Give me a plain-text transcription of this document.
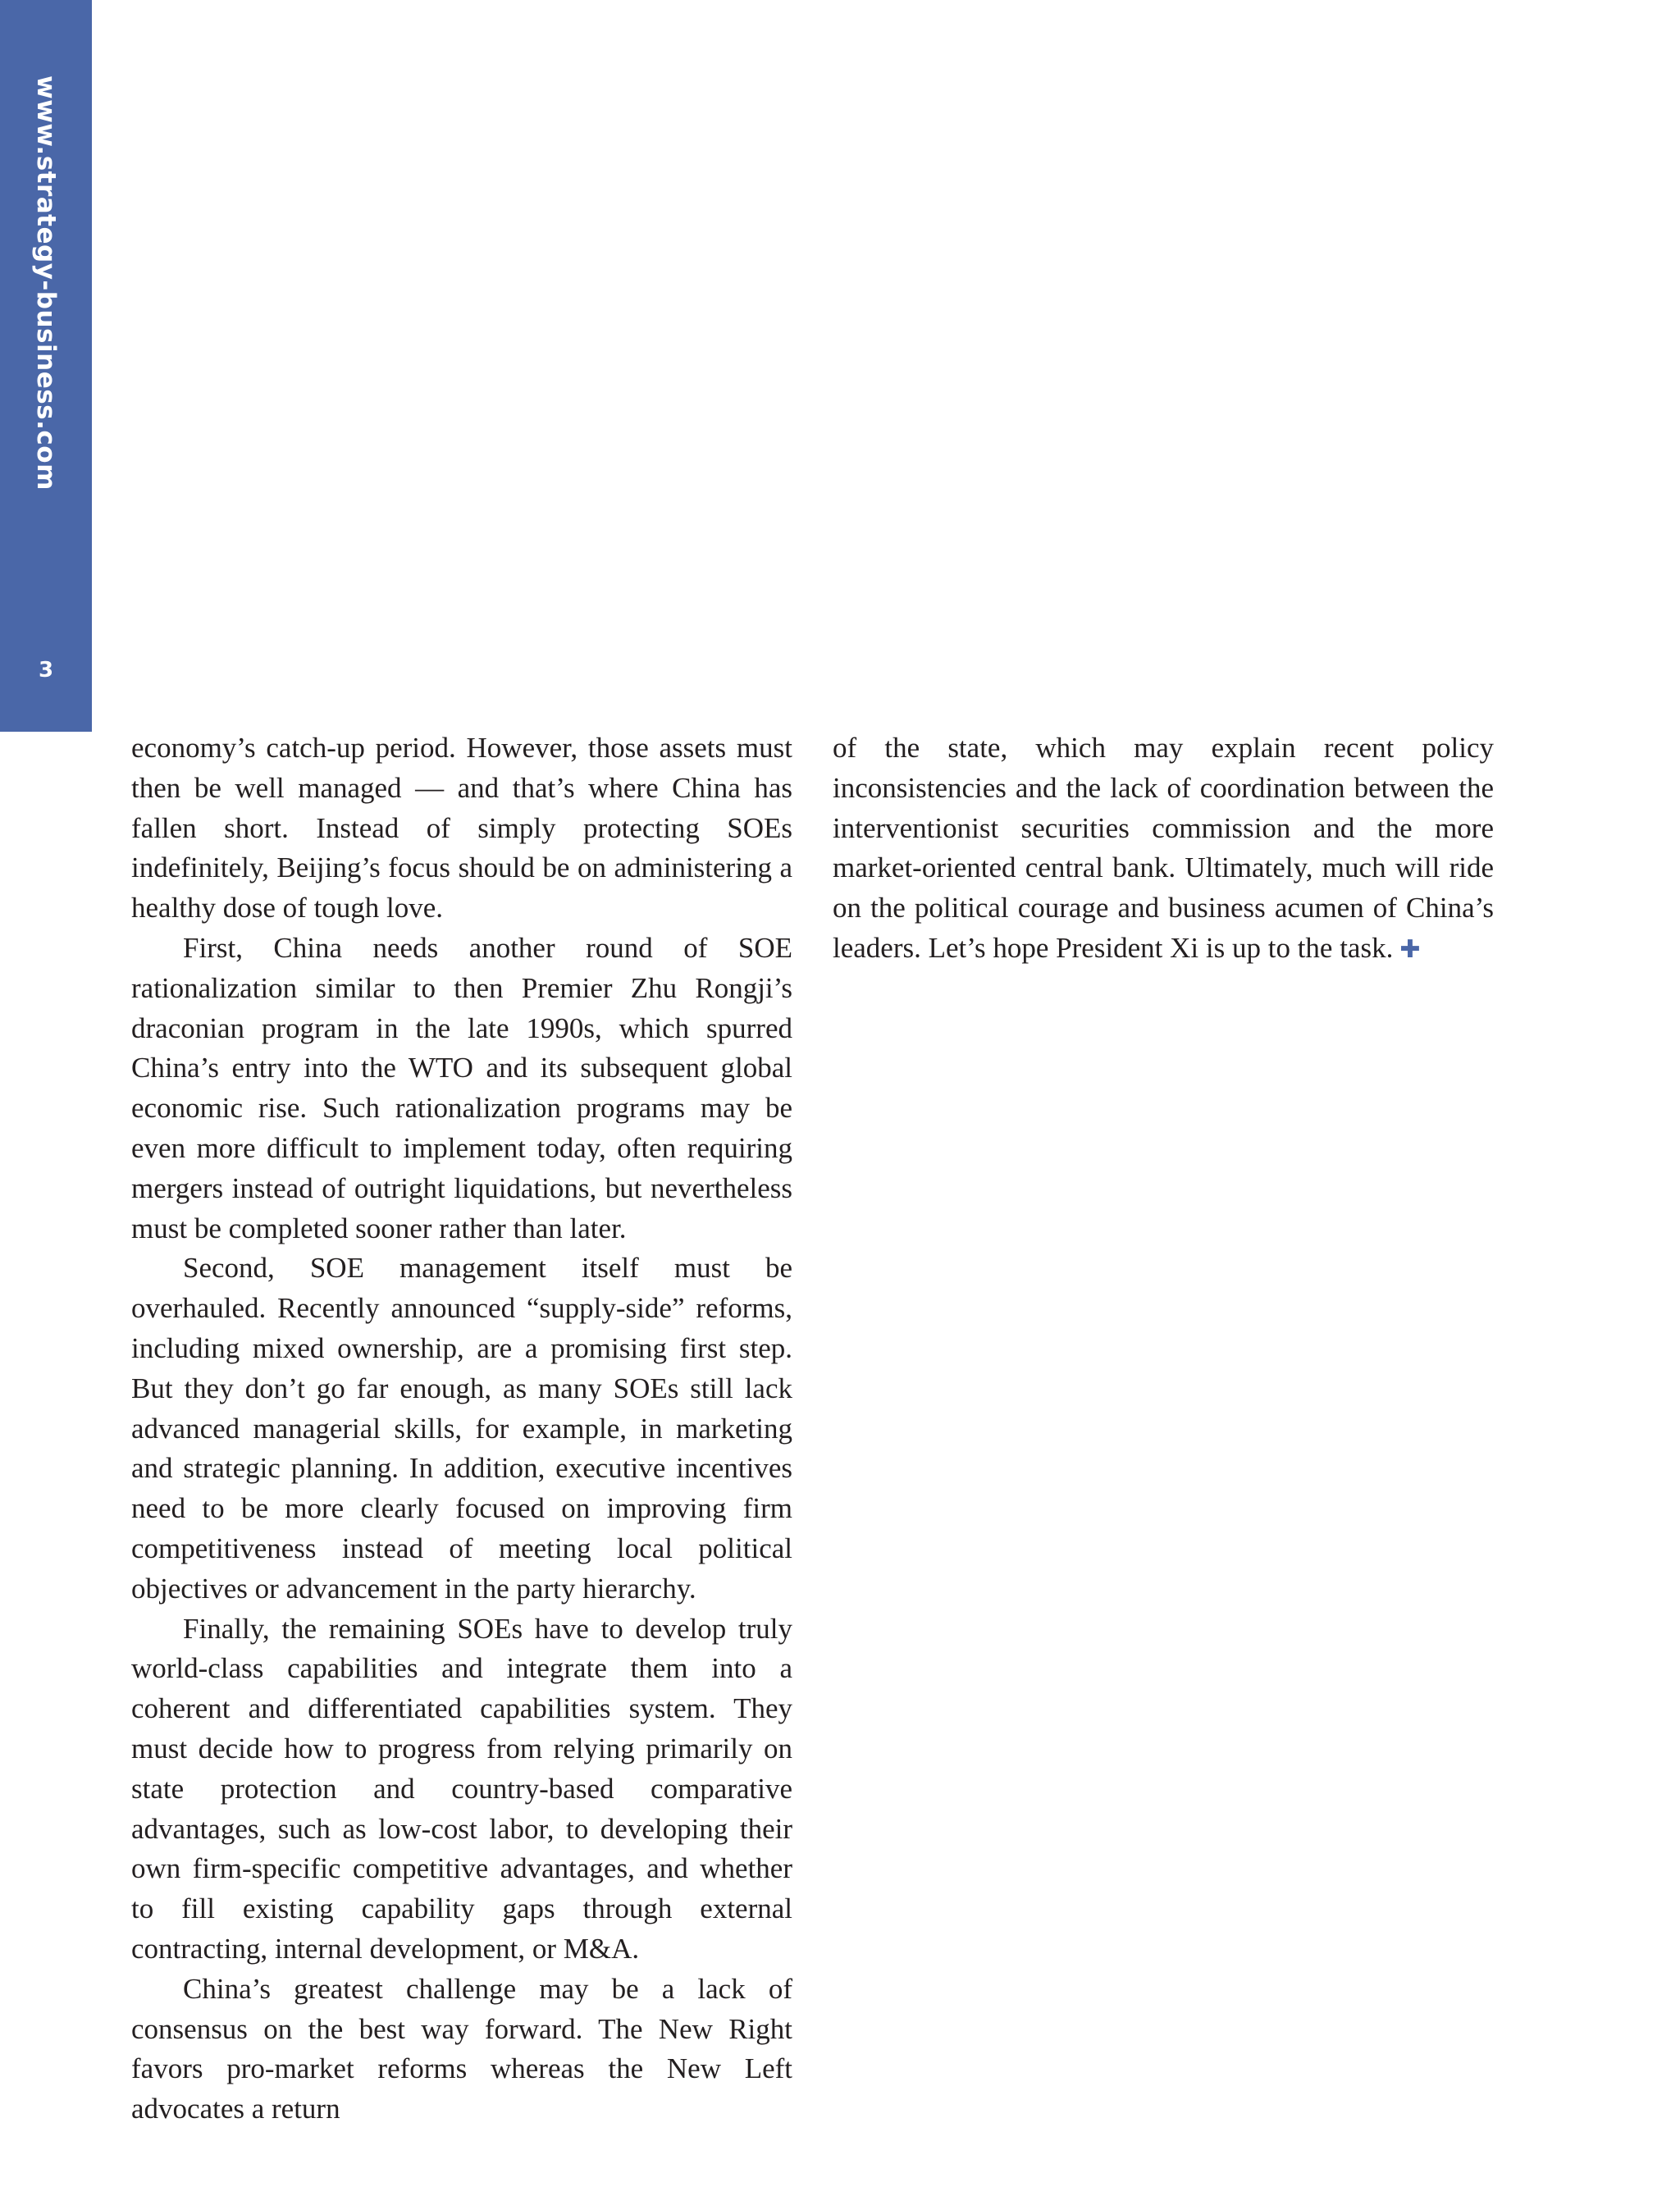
www.strategy-business.com
3

economy’s catch-up period. However, those assets must then be well managed — and that’s where China has fallen short. Instead of simply protecting SOEs indefinitely, Beijing’s focus should be on administering a healthy dose of tough love.

First, China needs another round of SOE rationalization similar to then Premier Zhu Rongji’s draconian program in the late 1990s, which spurred China’s entry into the WTO and its subsequent global economic rise. Such rationalization programs may be even more difficult to implement today, often requiring mergers instead of outright liquidations, but nevertheless must be completed sooner rather than later.

Second, SOE management itself must be overhauled. Recently announced “supply-side” reforms, including mixed ownership, are a promising first step. But they don’t go far enough, as many SOEs still lack advanced managerial skills, for example, in marketing and strategic planning. In addition, executive incentives need to be more clearly focused on improving firm competitiveness instead of meeting local political objectives or advancement in the party hierarchy.

Finally, the remaining SOEs have to develop truly world-class capabilities and integrate them into a coherent and differentiated capabilities system. They must decide how to progress from relying primarily on state protection and country-based comparative advantages, such as low-cost labor, to developing their own firm-specific competitive advantages, and whether to fill existing capability gaps through external contracting, internal development, or M&A.

China’s greatest challenge may be a lack of consensus on the best way forward. The New Right favors pro-market reforms whereas the New Left advocates a return

of the state, which may explain recent policy inconsistencies and the lack of coordination between the interventionist securities commission and the more market-oriented central bank. Ultimately, much will ride on the political courage and business acumen of China’s leaders. Let’s hope President Xi is up to the task. ✚
